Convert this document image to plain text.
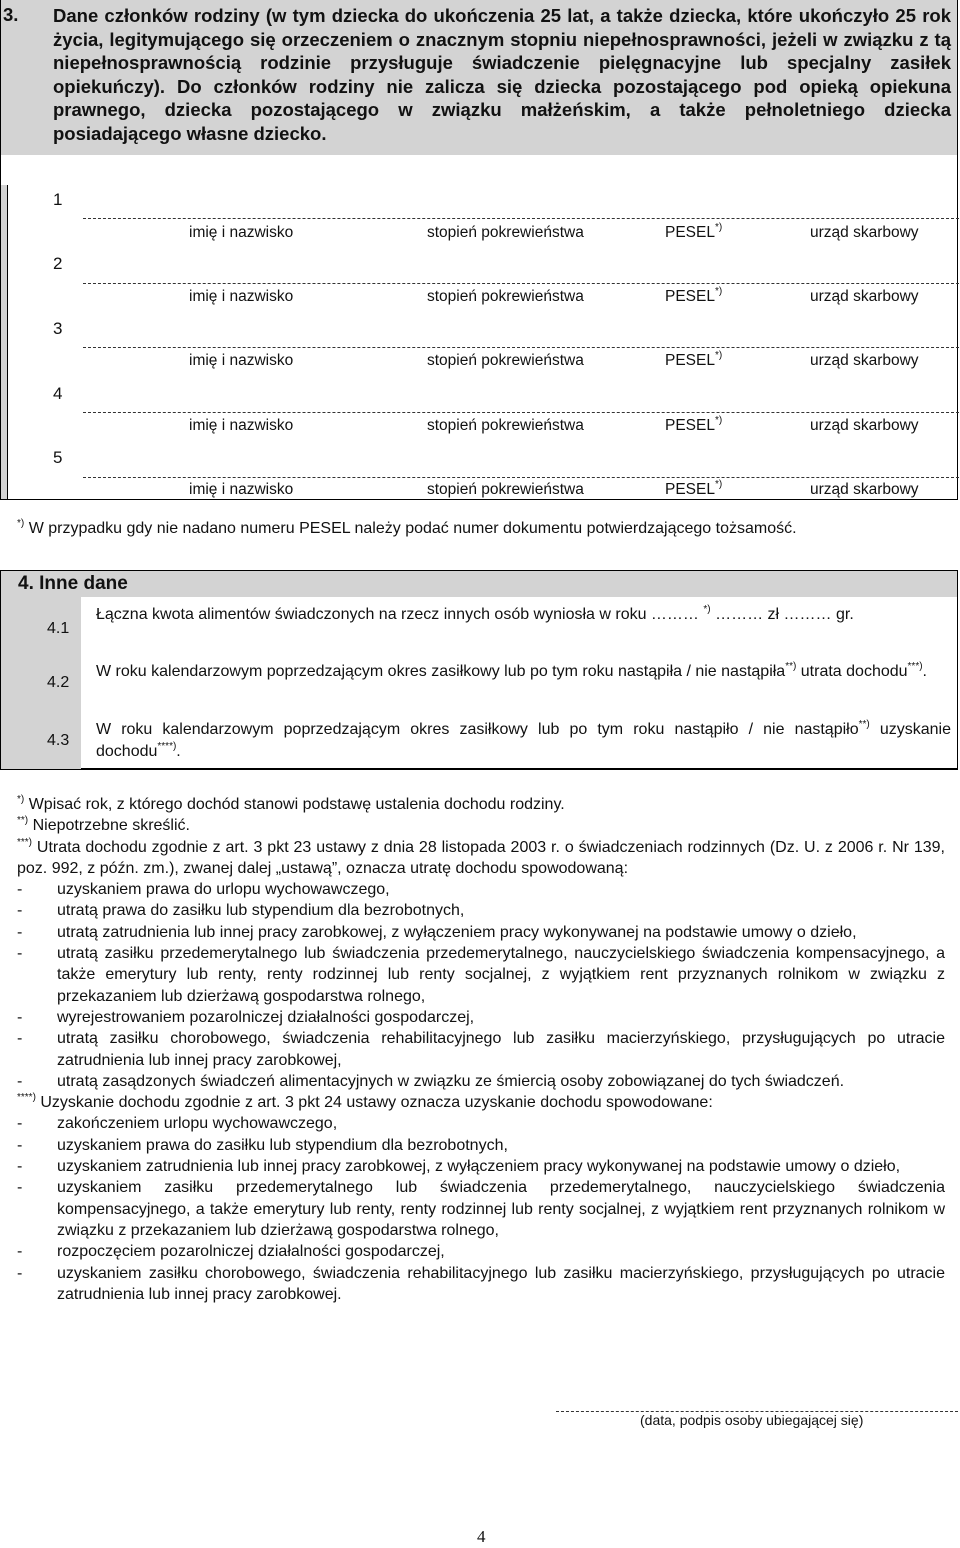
3. Dane członków rodziny (w tym dziecka do ukończenia 25 lat, a także dziecka, które ukończyło 25 rok życia, legitymującego się orzeczeniem o znacznym stopniu niepełnosprawności, jeżeli w związku z tą niepełnosprawnością rodzinie przysługuje świadczenie pielęgnacyjne lub specjalny zasiłek opiekuńczy). Do członków rodziny nie zalicza się dziecka pozostającego pod opieką opiekuna prawnego, dziecka pozostającego w związku małżeńskim, a także pełnoletniego dziecka posiadającego własne dziecko.
1
imię i nazwisko	stopień pokrewieństwa	PESEL*)	urząd skarbowy
2
imię i nazwisko	stopień pokrewieństwa	PESEL*)	urząd skarbowy
3
imię i nazwisko	stopień pokrewieństwa	PESEL*)	urząd skarbowy
4
imię i nazwisko	stopień pokrewieństwa	PESEL*)	urząd skarbowy
5
imię i nazwisko	stopień pokrewieństwa	PESEL*)	urząd skarbowy
*) W przypadku gdy nie nadano numeru PESEL należy podać numer dokumentu potwierdzającego tożsamość.
4. Inne dane
4.1
Łączna kwota alimentów świadczonych na rzecz innych osób wyniosła w roku ……… *) ……… zł ……… gr.
4.2
W roku kalendarzowym poprzedzającym okres zasiłkowy lub po tym roku nastąpiła / nie nastąpiła**) utrata dochodu***).
4.3
W roku kalendarzowym poprzedzającym okres zasiłkowy lub po tym roku nastąpiło / nie nastąpiło**) uzyskanie dochodu****).

*) Wpisać rok, z którego dochód stanowi podstawę ustalenia dochodu rodziny.

**) Niepotrzebne skreślić.

***) Utrata dochodu zgodnie z art. 3 pkt 23 ustawy z dnia 28 listopada 2003 r. o świadczeniach rodzinnych (Dz. U. z 2006 r. Nr 139, poz. 992, z późn. zm.), zwanej dalej „ustawą”, oznacza utratę dochodu spowodowaną:

- uzyskaniem prawa do urlopu wychowawczego,
- utratą prawa do zasiłku lub stypendium dla bezrobotnych,
- utratą zatrudnienia lub innej pracy zarobkowej, z wyłączeniem pracy wykonywanej na podstawie umowy o dzieło,
- utratą zasiłku przedemerytalnego lub świadczenia przedemerytalnego, nauczycielskiego świadczenia kompensacyjnego, a także emerytury lub renty, renty rodzinnej lub renty socjalnej, z wyjątkiem rent przyznanych rolnikom w związku z przekazaniem lub dzierżawą gospodarstwa rolnego,
- wyrejestrowaniem pozarolniczej działalności gospodarczej,
- utratą zasiłku chorobowego, świadczenia rehabilitacyjnego lub zasiłku macierzyńskiego, przysługujących po utracie zatrudnienia lub innej pracy zarobkowej,
- utratą zasądzonych świadczeń alimentacyjnych w związku ze śmiercią osoby zobowiązanej do tych świadczeń.

****) Uzyskanie dochodu zgodnie z art. 3 pkt 24 ustawy oznacza uzyskanie dochodu spowodowane:

- zakończeniem urlopu wychowawczego,
- uzyskaniem prawa do zasiłku lub stypendium dla bezrobotnych,
- uzyskaniem zatrudnienia lub innej pracy zarobkowej, z wyłączeniem pracy wykonywanej na podstawie umowy o dzieło,
- uzyskaniem zasiłku przedemerytalnego lub świadczenia przedemerytalnego, nauczycielskiego świadczenia kompensacyjnego, a także emerytury lub renty, renty rodzinnej lub renty socjalnej, z wyjątkiem rent przyznanych rolnikom w związku z przekazaniem lub dzierżawą gospodarstwa rolnego,
- rozpoczęciem pozarolniczej działalności gospodarczej,
- uzyskaniem zasiłku chorobowego, świadczenia rehabilitacyjnego lub zasiłku macierzyńskiego, przysługujących po utracie zatrudnienia lub innej pracy zarobkowej.
(data, podpis osoby ubiegającej się)
4
